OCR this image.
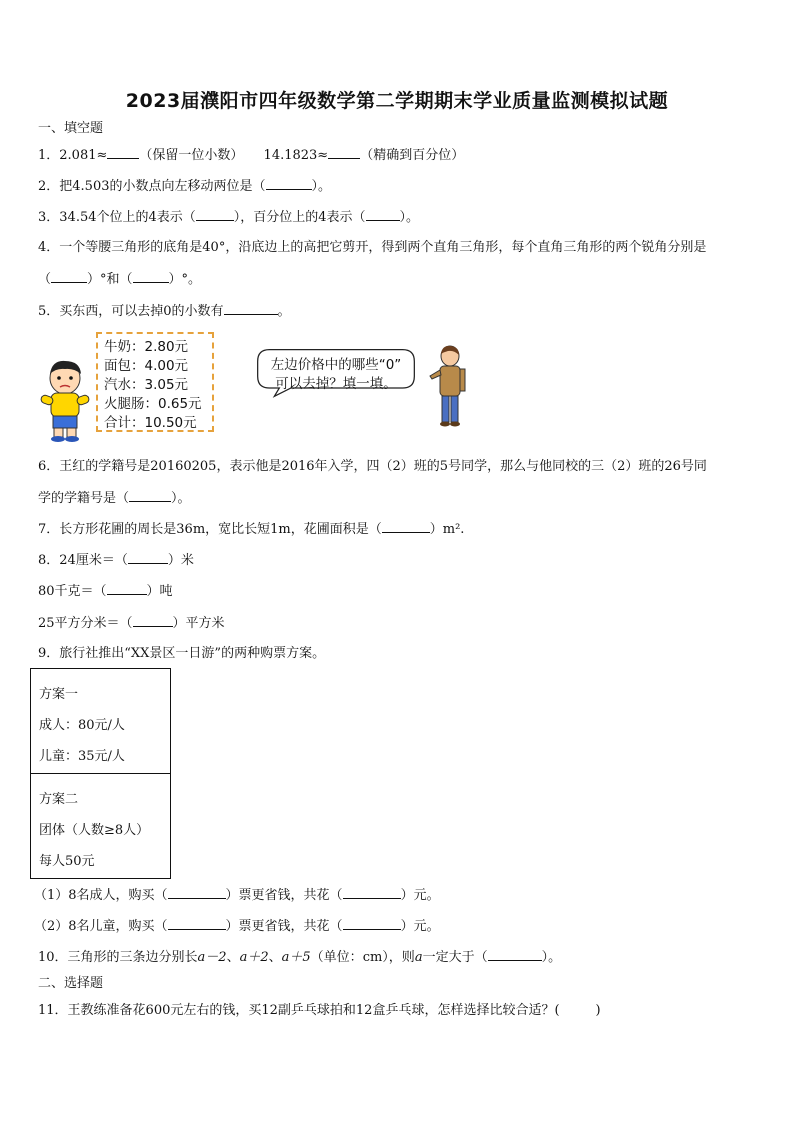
2023届濮阳市四年级数学第二学期期末学业质量监测模拟试题
一、填空题
1．2.081≈ （保留一位小数） 14.1823≈ （精确到百分位）
2．把4.503的小数点向左移动两位是（	）。
3．34.54个位上的4表示（	），百分位上的4表示（	）。
4．一个等腰三角形的底角是40°，沿底边上的高把它剪开，得到两个直角三角形，每个直角三角形的两个锐角分别是
（	）°和（	）°。
5．买东西，可以去掉0的小数有	。
牛奶：2.80元
面包：4.00元
汽水：3.05元
火腿肠：0.65元
合计：10.50元
左边价格中的哪些“0”
可以去掉？填一填。
6．王红的学籍号是20160205，表示他是2016年入学，四（2）班的5号同学，那么与他同校的三（2）班的26号同
学的学籍号是（	）。
7．长方形花圃的周长是36m，宽比长短1m，花圃面积是（	）m².
8．24厘米＝（	）米
80千克＝（	）吨
25平方分米＝（	）平方米
9．旅行社推出“XX景区一日游”的两种购票方案。
方案一
成人：80元/人
儿童：35元/人
方案二
团体（人数≥8人）
每人50元
（1）8名成人，购买（	）票更省钱，共花（	）元。
（2）8名儿童，购买（	）票更省钱，共花（	）元。
10．三角形的三条边分别长a－2、a＋2、a＋5（单位：cm），则a一定大于（	）。
二、选择题
11．王教练准备花600元左右的钱，买12副乒乓球拍和12盒乒乓球，怎样选择比较合适？(	)
